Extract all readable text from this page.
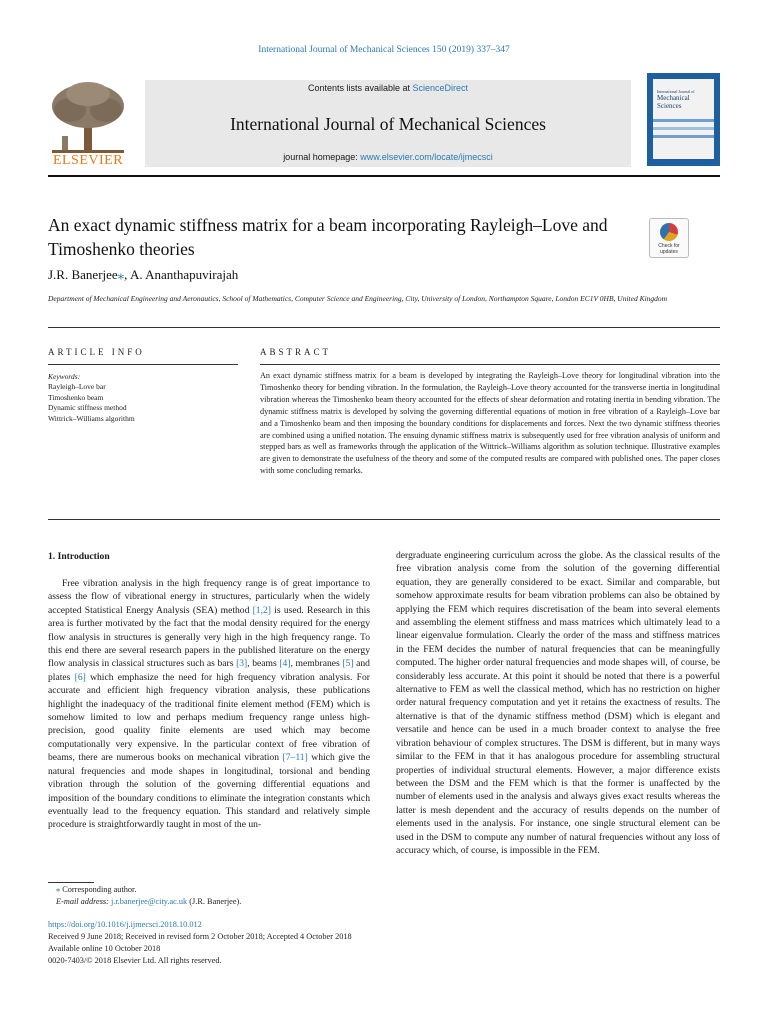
International Journal of Mechanical Sciences 150 (2019) 337–347
ELSEVIER
Contents lists available at ScienceDirect
International Journal of Mechanical Sciences
journal homepage: www.elsevier.com/locate/ijmecsci
International Journal of
Mechanical Sciences
An exact dynamic stiffness matrix for a beam incorporating Rayleigh–Love and Timoshenko theories	Check for updates
J.R. Banerjee⁎, A. Ananthapuvirajah
Department of Mechanical Engineering and Aeronautics, School of Mathematics, Computer Science and Engineering, City, University of London, Northampton Square, London EC1V 0HB, United Kingdom
ARTICLE INFO
Keywords:
Rayleigh–Love bar
Timoshenko beam
Dynamic stiffness method
Wittrick–Williams algorithm
ABSTRACT
An exact dynamic stiffness matrix for a beam is developed by integrating the Rayleigh–Love theory for longitudinal vibration into the Timoshenko theory for bending vibration. In the formulation, the Rayleigh–Love theory accounted for the transverse inertia in longitudinal vibration whereas the Timoshenko beam theory accounted for the effects of shear deformation and rotating inertia in bending vibration. The dynamic stiffness matrix is developed by solving the governing differential equations of motion in free vibration of a Rayleigh–Love bar and a Timoshenko beam and then imposing the boundary conditions for displacements and forces. Next the two dynamic stiffness theories are combined using a unified notation. The ensuing dynamic stiffness matrix is subsequently used for free vibration analysis of uniform and stepped bars as well as frameworks through the application of the Wittrick–Williams algorithm as solution technique. Illustrative examples are given to demonstrate the usefulness of the theory and some of the computed results are compared with published ones. The paper closes with some concluding remarks.
1. Introduction

Free vibration analysis in the high frequency range is of great importance to assess the flow of vibrational energy in structures, particularly when the widely accepted Statistical Energy Analysis (SEA) method [1,2] is used. Research in this area is further motivated by the fact that the modal density required for the energy flow analysis in structures is generally very high in the high frequency range. To this end there are several research papers in the published literature on the energy flow analysis in classical structures such as bars [3], beams [4], membranes [5] and plates [6] which emphasize the need for high frequency vibration analysis. For accurate and efficient high frequency vibration analysis, these publications highlight the inadequacy of the traditional finite element method (FEM) which is somehow limited to low and perhaps medium frequency range unless high-precision, good quality finite elements are used which may become computationally very expensive. In the particular context of free vibration of beams, there are numerous books on mechanical vibration [7–11] which give the natural frequencies and mode shapes in longitudinal, torsional and bending vibration through the solution of the governing differential equations and imposition of the boundary conditions to eliminate the integration constants which eventually lead to the frequency equation. This standard and relatively simple procedure is straightforwardly taught in most of the un-

dergraduate engineering curriculum across the globe. As the classical results of the free vibration analysis come from the solution of the governing differential equation, they are generally considered to be exact. Similar and comparable, but somehow approximate results for beam vibration problems can also be obtained by applying the FEM which requires discretisation of the beam into several elements and assembling the element stiffness and mass matrices which ultimately lead to a linear eigenvalue formulation. Clearly the order of the mass and stiffness matrices in the FEM decides the number of natural frequencies that can be meaningfully computed. The higher order natural frequencies and mode shapes will, of course, be considerably less accurate. At this point it should be noted that there is a powerful alternative to FEM as well the classical method, which has no restriction on higher order natural frequency computation and yet it retains the exactness of results. The alternative is that of the dynamic stiffness method (DSM) which is elegant and versatile and hence can be used in a much broader context to analyse the free vibration behaviour of complex structures. The DSM is different, but in many ways similar to the FEM in that it has analogous procedure for assembling structural properties of individual structural elements. However, a major difference exists between the DSM and the FEM which is that the former is unaffected by the number of elements used in the analysis and always gives exact results whereas the latter is mesh dependent and the accuracy of results depends on the number of elements used in the analysis. For instance, one single structural element can be used in the DSM to compute any number of natural frequencies without any loss of accuracy which, of course, is impossible in the FEM.

⁎ Corresponding author.
E-mail address: j.r.banerjee@city.ac.uk (J.R. Banerjee).
https://doi.org/10.1016/j.ijmecsci.2018.10.012
Received 9 June 2018; Received in revised form 2 October 2018; Accepted 4 October 2018
Available online 10 October 2018
0020-7403/© 2018 Elsevier Ltd. All rights reserved.
